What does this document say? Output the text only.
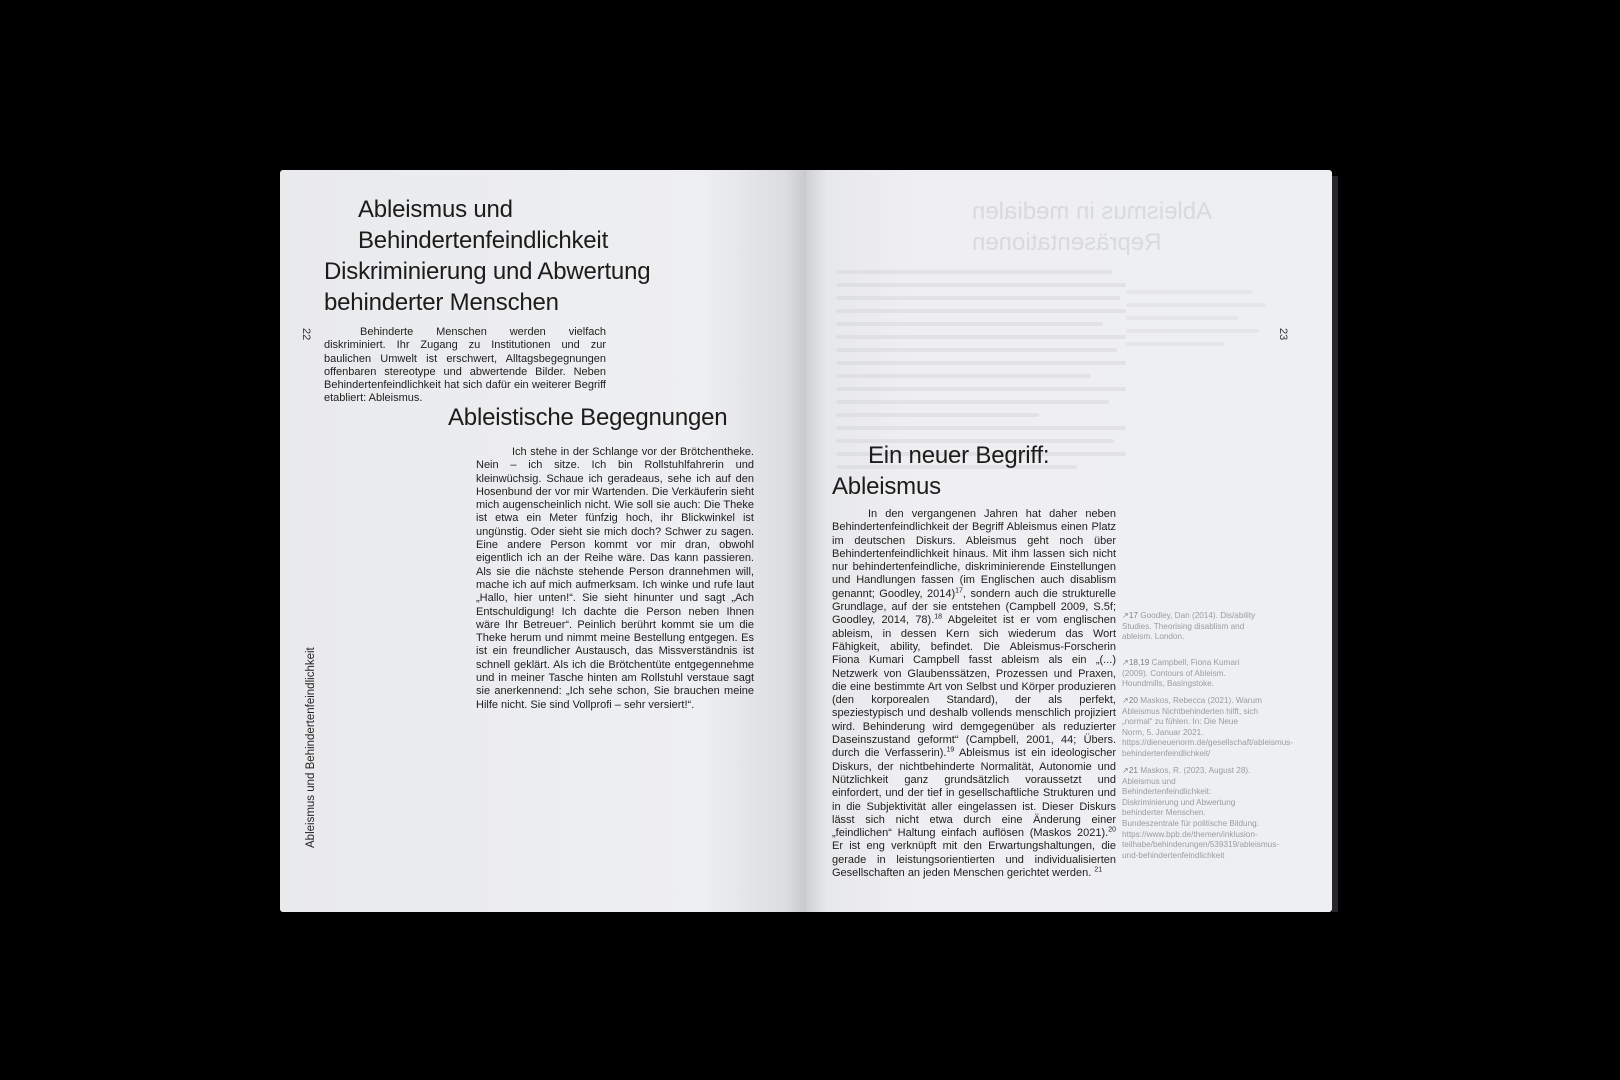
Ableismus und
Behindertenfeindlichkeit
Diskriminierung und Abwertung
behinderter Menschen
22	Behinderte Menschen werden vielfach diskriminiert. Ihr Zugang zu Institutionen und zur baulichen Umwelt ist erschwert, Alltagsbegegnungen offenbaren stereotype und abwertende Bilder. Neben Behindertenfeindlichkeit hat sich dafür ein weiterer Begriff etabliert: Ableismus.

Ableistische Begegnungen

Ich stehe in der Schlange vor der Brötchentheke. Nein – ich sitze. Ich bin Rollstuhlfahrerin und kleinwüchsig. Schaue ich geradeaus, sehe ich auf den Hosenbund der vor mir Wartenden. Die Verkäuferin sieht mich augenscheinlich nicht. Wie soll sie auch: Die Theke ist etwa ein Meter fünfzig hoch, ihr Blickwinkel ist ungünstig. Oder sieht sie mich doch? Schwer zu sagen. Eine andere Person kommt vor mir dran, obwohl eigentlich ich an der Reihe wäre. Das kann passieren. Als sie die nächste stehende Person drannehmen will, mache ich auf mich aufmerksam. Ich winke und rufe laut „Hallo, hier unten!“. Sie sieht hinunter und sagt „Ach Entschuldigung! Ich dachte die Person neben Ihnen wäre Ihr Betreuer“. Peinlich berührt kommt sie um die Theke herum und nimmt meine Bestellung entgegen. Es ist ein freundlicher Austausch, das Missverständnis ist schnell geklärt. Als ich die Brötchentüte entgegennehme und in meiner Tasche hinten am Rollstuhl verstaue sagt sie anerkennend: „Ich sehe schon, Sie brauchen meine Hilfe nicht. Sie sind Vollprofi – sehr versiert!“.

Ableismus und Behindertenfeindlichkeit
Ableismus in medialen
Repräsentationen
23
Ein neuer Begriff:
Ableismus

In den vergangenen Jahren hat daher neben Behindertenfeindlichkeit der Begriff Ableismus einen Platz im deutschen Diskurs. Ableismus geht noch über Behindertenfeindlichkeit hinaus. Mit ihm lassen sich nicht nur behindertenfeindliche, diskriminierende Einstellungen und Handlungen fassen (im Englischen auch disablism genannt; Goodley, 2014)$^{17}$, sondern auch die strukturelle Grundlage, auf der sie entstehen (Campbell 2009, S.5f; Goodley, 2014, 78).$^{18}$ Abgeleitet ist er vom englischen ableism, in dessen Kern sich wiederum das Wort Fähigkeit, ability, befindet. Die Ableismus-Forscherin Fiona Kumari Campbell fasst ableism als ein „(...) Netzwerk von Glaubenssätzen, Prozessen und Praxen, die eine bestimmte Art von Selbst und Körper produzieren (den korporealen Standard), der als perfekt, speziestypisch und deshalb vollends menschlich projiziert wird. Behinderung wird demgegenüber als reduzierter Daseinszustand geformt“ (Campbell, 2001, 44; Übers. durch die Verfasserin).$^{19}$ Ableismus ist ein ideologischer Diskurs, der nichtbehinderte Normalität, Autonomie und Nützlichkeit ganz grundsätzlich voraussetzt und einfordert, und der tief in gesellschaftliche Strukturen und in die Subjektivität aller eingelassen ist. Dieser Diskurs lässt sich nicht etwa durch eine Änderung einer „feindlichen“ Haltung einfach auflösen (Maskos 2021).$^{20}$ Er ist eng verknüpft mit den Erwartungshaltungen, die gerade in leistungsorientierten und individualisierten Gesellschaften an jeden Menschen gerichtet werden. $^{21}$

↗17 Goodley, Dan (2014). Dis/ability Studies. Theorising disablism and ableism. London.

↗18,19 Campbell, Fiona Kumari (2009). Contours of Ableism. Houndmills, Basingstoke.

↗20 Maskos, Rebecca (2021). Warum Ableismus Nichtbehinderten hilft, sich „normal“ zu fühlen. In: Die Neue Norm, 5. Januar 2021. https://dieneuenorm.de/gesellschaft/ableismus-behindertenfeindlichkeit/

↗21 Maskos, R. (2023, August 28). Ableismus und Behindertenfeindlichkeit: Diskriminierung und Abwertung behinderter Menschen. Bundeszentrale für politische Bildung. https://www.bpb.de/themen/inklusion-teilhabe/behinderungen/539319/ableismus-und-behindertenfeindlichkeit
